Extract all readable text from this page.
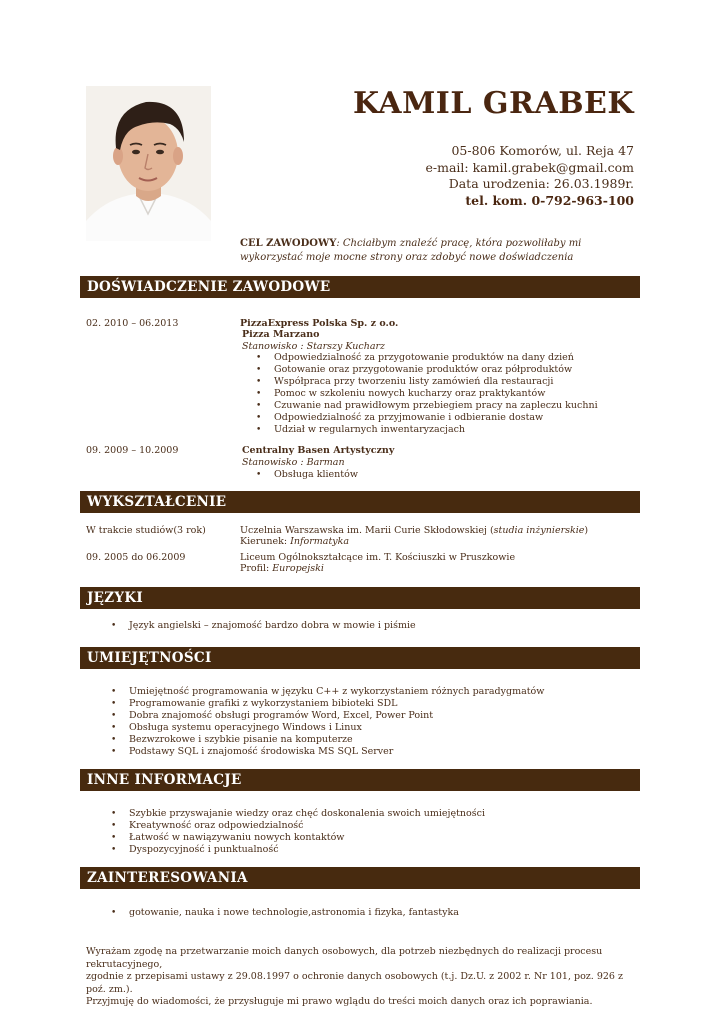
KAMIL GRABEK
05-806 Komorów, ul. Reja 47
e-mail: kamil.grabek@gmail.com
Data urodzenia: 26.03.1989r.
tel. kom. 0-792-963-100
CEL ZAWODOWY: Chciałbym znaleźć pracę, która pozwoliłaby mi wykorzystać moje mocne strony oraz zdobyć nowe doświadczenia
DOŚWIADCZENIE ZAWODOWE
02. 2010 – 06.2013	PizzaExpress Polska Sp. z o.o.
Pizza Marzano
Stanowisko : Starszy Kucharz
• Odpowiedzialność za przygotowanie produktów na dany dzień
• Gotowanie oraz przygotowanie produktów oraz półproduktów
• Współpraca przy tworzeniu listy zamówień dla restauracji
• Pomoc w szkoleniu nowych kucharzy oraz praktykantów
• Czuwanie nad prawidłowym przebiegiem pracy na zapleczu kuchni
• Odpowiedzialność za przyjmowanie i odbieranie dostaw
• Udział w regularnych inwentaryzacjach
09. 2009 – 10.2009	Centralny Basen Artystyczny
Stanowisko : Barman
• Obsługa klientów
WYKSZTAŁCENIE
W trakcie studiów(3 rok)	Uczelnia Warszawska im. Marii Curie Skłodowskiej (studia inżynierskie)
Kierunek: Informatyka
09. 2005 do 06.2009	Liceum Ogólnokształcące im. T. Kościuszki w Pruszkowie
Profil: Europejski
JĘZYKI
• Język angielski – znajomość bardzo dobra w mowie i piśmie
UMIEJĘTNOŚCI
• Umiejętność programowania w języku C++ z wykorzystaniem różnych paradygmatów
• Programowanie grafiki z wykorzystaniem bibioteki SDL
• Dobra znajomość obsługi programów Word, Excel, Power Point
• Obsługa systemu operacyjnego Windows i Linux
• Bezwzrokowe i szybkie pisanie na komputerze
• Podstawy SQL i znajomość środowiska MS SQL Server
INNE INFORMACJE
• Szybkie przyswajanie wiedzy oraz chęć doskonalenia swoich umiejętności
• Kreatywność oraz odpowiedzialność
• Łatwość w nawiązywaniu nowych kontaktów
• Dyspozycyjność i punktualność
ZAINTERESOWANIA
• gotowanie, nauka i nowe technologie,astronomia i fizyka, fantastyka
Wyrażam zgodę na przetwarzanie moich danych osobowych, dla potrzeb niezbędnych do realizacji procesu rekrutacyjnego,
zgodnie z przepisami ustawy z 29.08.1997 o ochronie danych osobowych (t.j. Dz.U. z 2002 r. Nr 101, poz. 926 z poź. zm.).
Przyjmuję do wiadomości, że przysługuje mi prawo wglądu do treści moich danych oraz ich poprawiania.
